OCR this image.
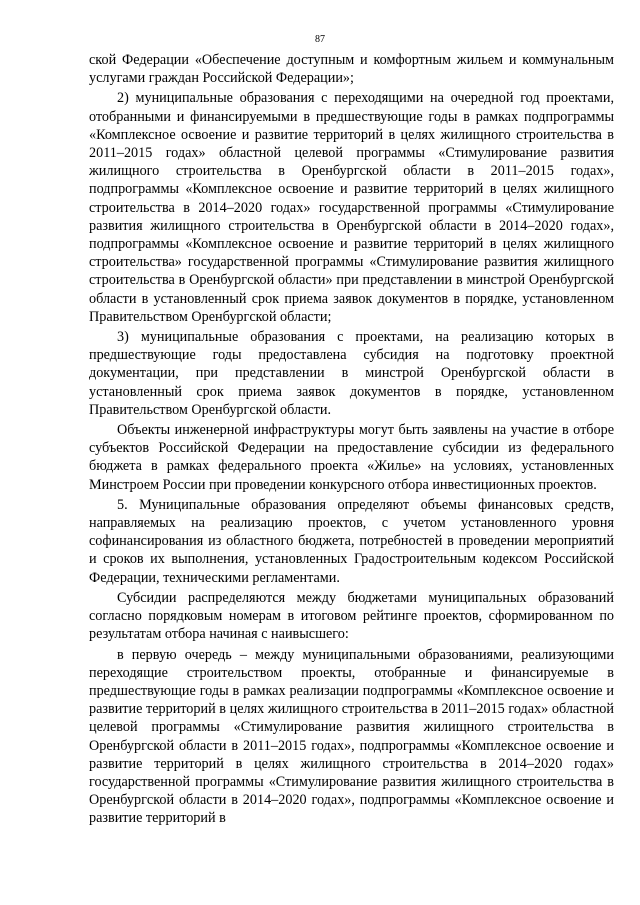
87

ской Федерации «Обеспечение доступным и комфортным жильем и коммунальным услугами граждан Российской Федерации»;

2) муниципальные образования с переходящими на очередной год проектами, отобранными и финансируемыми в предшествующие годы в рамках подпрограммы «Комплексное освоение и развитие территорий в целях жилищного строительства в 2011–2015 годах» областной целевой программы «Стимулирование развития жилищного строительства в Оренбургской области в 2011–2015 годах», подпрограммы «Комплексное освоение и развитие территорий в целях жилищного строительства в 2014–2020 годах» государственной программы «Стимулирование развития жилищного строительства в Оренбургской области в 2014–2020 годах», подпрограммы «Комплексное освоение и развитие территорий в целях жилищного строительства» государственной программы «Стимулирование развития жилищного строительства в Оренбургской области» при представлении в минстрой Оренбургской области в установленный срок приема заявок документов в порядке, установленном Правительством Оренбургской области;

3) муниципальные образования с проектами, на реализацию которых в предшествующие годы предоставлена субсидия на подготовку проектной документации, при представлении в минстрой Оренбургской области в установленный срок приема заявок документов в порядке, установленном Правительством Оренбургской области.

Объекты инженерной инфраструктуры могут быть заявлены на участие в отборе субъектов Российской Федерации на предоставление субсидии из федерального бюджета в рамках федерального проекта «Жилье» на условиях, установленных Минстроем России при проведении конкурсного отбора инвестиционных проектов.

5. Муниципальные образования определяют объемы финансовых средств, направляемых на реализацию проектов, с учетом установленного уровня софинансирования из областного бюджета, потребностей в проведении мероприятий и сроков их выполнения, установленных Градостроительным кодексом Российской Федерации, техническими регламентами.

Субсидии распределяются между бюджетами муниципальных образований согласно порядковым номерам в итоговом рейтинге проектов, сформированном по результатам отбора начиная с наивысшего:

в первую очередь – между муниципальными образованиями, реализующими переходящие строительством проекты, отобранные и финансируемые в предшествующие годы в рамках реализации подпрограммы «Комплексное освоение и развитие территорий в целях жилищного строительства в 2011–2015 годах» областной целевой программы «Стимулирование развития жилищного строительства в Оренбургской области в 2011–2015 годах», подпрограммы «Комплексное освоение и развитие территорий в целях жилищного строительства в 2014–2020 годах» государственной программы «Стимулирование развития жилищного строительства в Оренбургской области в 2014–2020 годах», подпрограммы «Комплексное освоение и развитие территорий в
